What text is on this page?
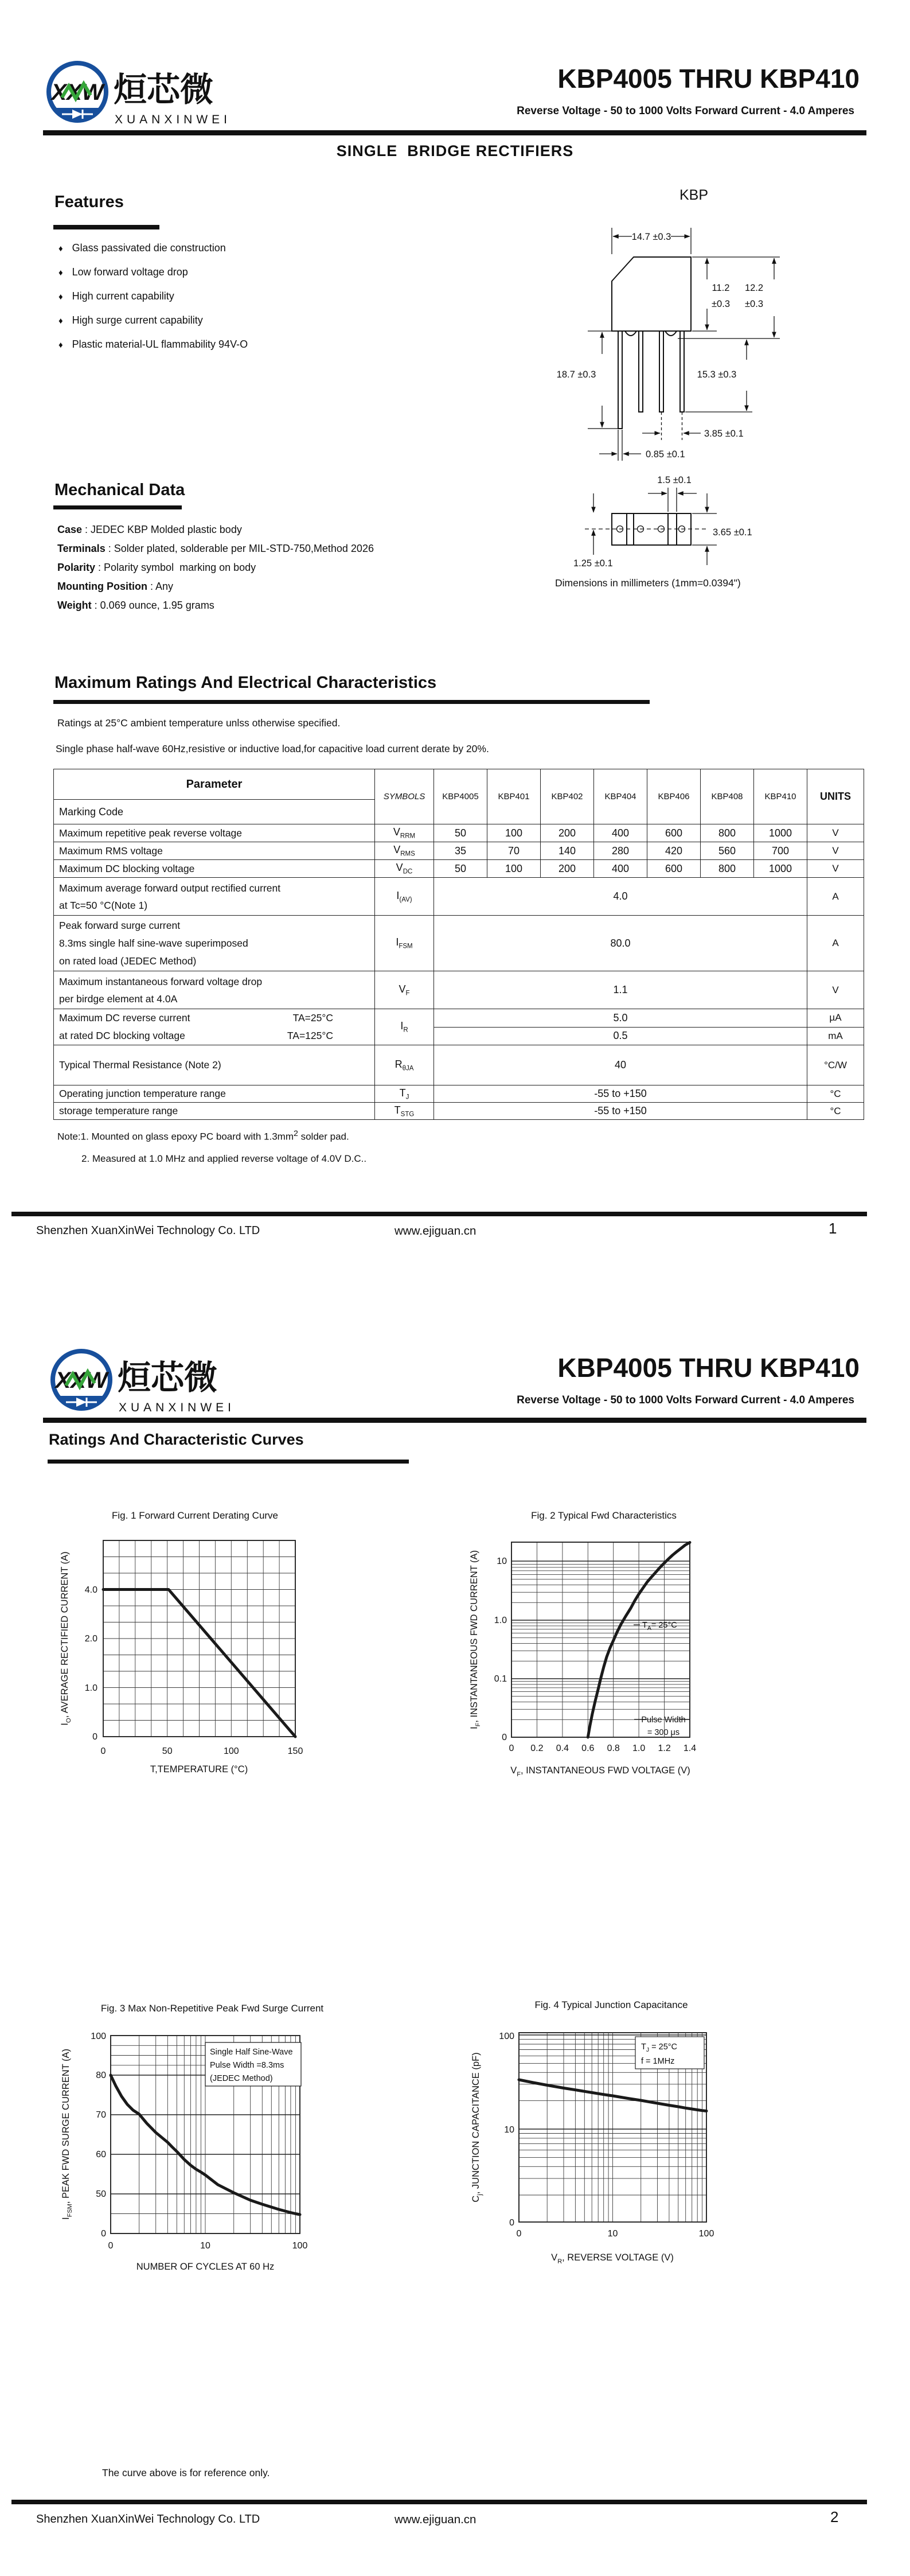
XXW 烜芯微
XUANXINWEI
KBP4005 THRU KBP410
Reverse Voltage - 50 to 1000 Volts Forward Current - 4.0 Amperes
SINGLE  BRIDGE RECTIFIERS
Features
♦ Glass passivated die construction
♦ Low forward voltage drop
♦ High current capability
♦ High surge current capability
♦ Plastic material-UL flammability 94V-O
KBP
14.7 ±0.3
11.2
±0.3
12.2
±0.3
18.7 ±0.3	15.3 ±0.3
3.85 ±0.1
0.85 ±0.1
1.5 ±0.1
3.65 ±0.1
1.25 ±0.1
Dimensions in millimeters (1mm=0.0394")
Mechanical Data
Case : JEDEC KBP Molded plastic body
Terminals : Solder plated, solderable per MIL-STD-750,Method 2026
Polarity : Polarity symbol  marking on body
Mounting Position : Any
Weight : 0.069 ounce, 1.95 grams
Maximum Ratings And Electrical Characteristics
Ratings at 25°C ambient temperature unlss otherwise specified.
Single phase half-wave 60Hz,resistive or inductive load,for capacitive load current derate by 20%.
Parameter	SYMBOLS	KBP4005	KBP401	KBP402	KBP404	KBP406	KBP408	KBP410	UNITS
Marking Code									
Maximum repetitive peak reverse voltage	$V_{RRM}$	50	100	200	400	600	800	1000	V
Maximum RMS voltage	$V_{RMS}$	35	70	140	280	420	560	700	V
Maximum DC blocking voltage	$V_{DC}$	50	100	200	400	600	800	1000	V

Maximum average forward output rectified current
at Tc=50 °C(Note 1)	$I_{(AV)}$	4.0							A

Peak forward surge current
8.3ms single half sine-wave superimposed
on rated load (JEDEC Method)	$I_{FSM}$	80.0							A

Maximum instantaneous forward voltage drop
per birdge element at 4.0A	$V_F$	1.1							V

Maximum DC reverse current TA=25°C
at rated DC blocking voltage TA=125°C	$I_R$	5.0							µA
		0.5							mA
Typical Thermal Resistance (Note 2)	$R_{\theta JA}$	40							°C/W
Operating junction temperature range	$T_J$	-55 to +150							°C
storage temperature range	$T_{STG}$	-55 to +150							°C
Note:1. Mounted on glass epoxy PC board with $1.3mm^2$ solder pad.
2. Measured at 1.0 MHz and applied reverse voltage of 4.0V D.C..
Shenzhen XuanXinWei Technology Co. LTD	www.ejiguan.cn	1
XXW 烜芯微
XUANXINWEI
KBP4005 THRU KBP410
Reverse Voltage - 50 to 1000 Volts Forward Current - 4.0 Amperes
Ratings And Characteristic Curves
Fig. 1 Forward Current Derating Curve
4.0
2.0
1.0
0
0	50	100	150
$I_O$, AVERAGE RECTIFIED CURRENT (A)
T,TEMPERATURE (°C)
Fig. 2 Typical Fwd Characteristics
$T_A= 25^\circ C$
Pulse Width
= 300 μs
10
1.0
0.1
0
0 0.2 0.4 0.6 0.8 1.0 1.2 1.4
$I_F$, INSTANTANEOUS FWD CURRENT (A)
$V_F$, INSTANTANEOUS FWD VOLTAGE (V)
Fig. 3 Max Non-Repetitive Peak Fwd Surge Current
Single Half Sine-Wave
Pulse Width =8.3ms
(JEDEC Method)
100
80
70
60
50
0
0	10	100
$I_{FSM}$, PEAK FWD SURGE CURRENT (A)
NUMBER OF CYCLES AT 60 Hz
Fig. 4 Typical Junction Capacitance
$T_J = 25^\circ C$
f = 1MHz
100
10
0
0	10	100
$C_j$, JUNCTION CAPACITANCE (pF)
$V_R$, REVERSE VOLTAGE (V)
The curve above is for reference only.
Shenzhen XuanXinWei Technology Co. LTD	www.ejiguan.cn	2
